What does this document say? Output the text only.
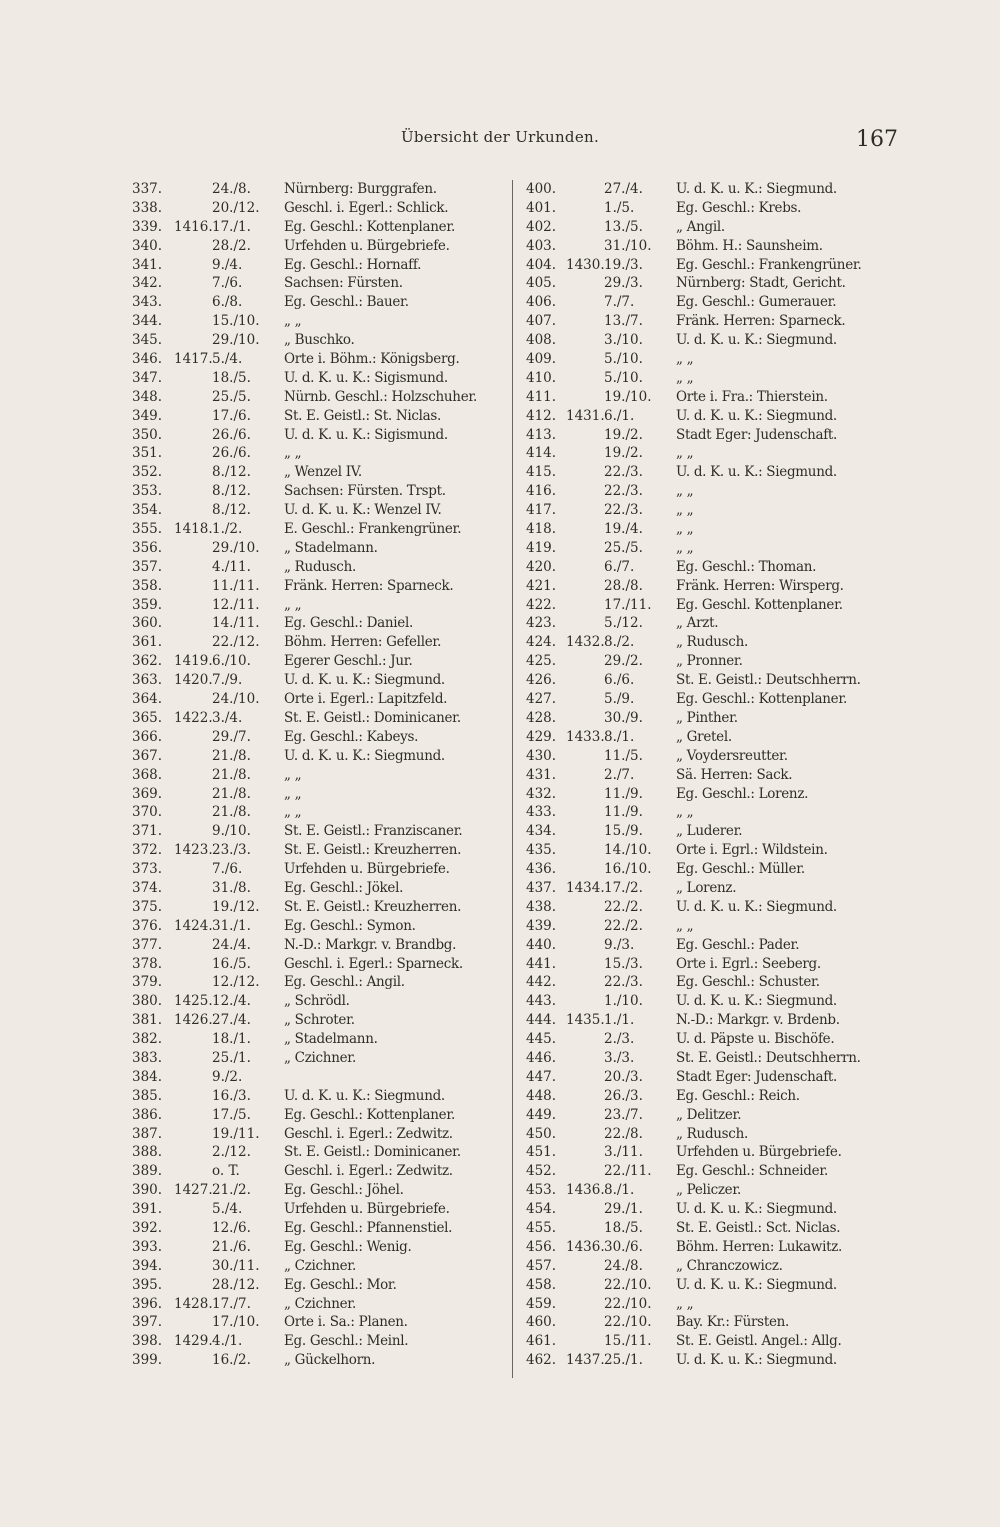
Übersicht der Urkunden.	167
337.	24./8.	Nürnberg: Burggrafen.
338.	20./12.	Geschl. i. Egerl.: Schlick.
339. 1416. 17./1.	Eg. Geschl.: Kottenplaner.
340.	28./2.	Urfehden u. Bürgebriefe.
341.	9./4.	Eg. Geschl.: Hornaff.
342.	7./6.	Sachsen: Fürsten.
343.	6./8.	Eg. Geschl.: Bauer.
344.	15./10.	„ „
345.	29./10.	„ Buschko.
346. 1417. 5./4.	Orte i. Böhm.: Königsberg.
347.	18./5.	U. d. K. u. K.: Sigismund.
348.	25./5.	Nürnb. Geschl.: Holzschuher.
349.	17./6.	St. E. Geistl.: St. Niclas.
350.	26./6.	U. d. K. u. K.: Sigismund.
351.	26./6.	„ „
352.	8./12.	„ Wenzel IV.
353.	8./12.	Sachsen: Fürsten. Trspt.
354.	8./12.	U. d. K. u. K.: Wenzel IV.
355. 1418. 1./2.	E. Geschl.: Frankengrüner.
356.	29./10.	„ Stadelmann.
357.	4./11.	„ Rudusch.
358.	11./11.	Fränk. Herren: Sparneck.
359.	12./11.	„ „
360.	14./11.	Eg. Geschl.: Daniel.
361.	22./12.	Böhm. Herren: Gefeller.
362. 1419. 6./10.	Egerer Geschl.: Jur.
363. 1420. 7./9.	U. d. K. u. K.: Siegmund.
364.	24./10.	Orte i. Egerl.: Lapitzfeld.
365. 1422. 3./4.	St. E. Geistl.: Dominicaner.
366.	29./7.	Eg. Geschl.: Kabeys.
367.	21./8.	U. d. K. u. K.: Siegmund.
368.	21./8.	„ „
369.	21./8.	„ „
370.	21./8.	„ „
371.	9./10.	St. E. Geistl.: Franziscaner.
372. 1423. 23./3.	St. E. Geistl.: Kreuzherren.
373.	7./6.	Urfehden u. Bürgebriefe.
374.	31./8.	Eg. Geschl.: Jökel.
375.	19./12.	St. E. Geistl.: Kreuzherren.
376. 1424. 31./1.	Eg. Geschl.: Symon.
377.	24./4.	N.-D.: Markgr. v. Brandbg.
378.	16./5.	Geschl. i. Egerl.: Sparneck.
379.	12./12.	Eg. Geschl.: Angil.
380. 1425. 12./4.	„ Schrödl.
381. 1426. 27./4.	„ Schroter.
382.	18./1.	„ Stadelmann.
383.	25./1.	„ Czichner.
384.	9./2.
385.	16./3.	U. d. K. u. K.: Siegmund.
386.	17./5.	Eg. Geschl.: Kottenplaner.
387.	19./11.	Geschl. i. Egerl.: Zedwitz.
388.	2./12.	St. E. Geistl.: Dominicaner.
389.	o. T.	Geschl. i. Egerl.: Zedwitz.
390. 1427. 21./2.	Eg. Geschl.: Jöhel.
391.	5./4.	Urfehden u. Bürgebriefe.
392.	12./6.	Eg. Geschl.: Pfannenstiel.
393.	21./6.	Eg. Geschl.: Wenig.
394.	30./11.	„ Czichner.
395.	28./12.	Eg. Geschl.: Mor.
396. 1428. 17./7.	„ Czichner.
397.	17./10.	Orte i. Sa.: Planen.
398. 1429. 4./1.	Eg. Geschl.: Meinl.
399.	16./2.	„ Gückelhorn.
400.	27./4.	U. d. K. u. K.: Siegmund.
401.	1./5.	Eg. Geschl.: Krebs.
402.	13./5.	„ Angil.
403.	31./10.	Böhm. H.: Saunsheim.
404. 1430. 19./3.	Eg. Geschl.: Frankengrüner.
405.	29./3.	Nürnberg: Stadt, Gericht.
406.	7./7.	Eg. Geschl.: Gumerauer.
407.	13./7.	Fränk. Herren: Sparneck.
408.	3./10.	U. d. K. u. K.: Siegmund.
409.	5./10.	„ „
410.	5./10.	„ „
411.	19./10.	Orte i. Fra.: Thierstein.
412. 1431. 6./1.	U. d. K. u. K.: Siegmund.
413.	19./2.	Stadt Eger: Judenschaft.
414.	19./2.	„ „
415.	22./3.	U. d. K. u. K.: Siegmund.
416.	22./3.	„ „
417.	22./3.	„ „
418.	19./4.	„ „
419.	25./5.	„ „
420.	6./7.	Eg. Geschl.: Thoman.
421.	28./8.	Fränk. Herren: Wirsperg.
422.	17./11.	Eg. Geschl. Kottenplaner.
423.	5./12.	„ Arzt.
424. 1432. 8./2.	„ Rudusch.
425.	29./2.	„ Pronner.
426.	6./6.	St. E. Geistl.: Deutschherrn.
427.	5./9.	Eg. Geschl.: Kottenplaner.
428.	30./9.	„ Pinther.
429. 1433. 8./1.	„ Gretel.
430.	11./5.	„ Voydersreutter.
431.	2./7.	Sä. Herren: Sack.
432.	11./9.	Eg. Geschl.: Lorenz.
433.	11./9.	„ „
434.	15./9.	„ Luderer.
435.	14./10.	Orte i. Egrl.: Wildstein.
436.	16./10.	Eg. Geschl.: Müller.
437. 1434. 17./2.	„ Lorenz.
438.	22./2.	U. d. K. u. K.: Siegmund.
439.	22./2.	„ „
440.	9./3.	Eg. Geschl.: Pader.
441.	15./3.	Orte i. Egrl.: Seeberg.
442.	22./3.	Eg. Geschl.: Schuster.
443.	1./10.	U. d. K. u. K.: Siegmund.
444. 1435. 1./1.	N.-D.: Markgr. v. Brdenb.
445.	2./3.	U. d. Päpste u. Bischöfe.
446.	3./3.	St. E. Geistl.: Deutschherrn.
447.	20./3.	Stadt Eger: Judenschaft.
448.	26./3.	Eg. Geschl.: Reich.
449.	23./7.	„ Delitzer.
450.	22./8.	„ Rudusch.
451.	3./11.	Urfehden u. Bürgebriefe.
452.	22./11.	Eg. Geschl.: Schneider.
453. 1436. 8./1.	„ Peliczer.
454.	29./1.	U. d. K. u. K.: Siegmund.
455.	18./5.	St. E. Geistl.: Sct. Niclas.
456. 1436. 30./6.	Böhm. Herren: Lukawitz.
457.	24./8.	„ Chranczowicz.
458.	22./10.	U. d. K. u. K.: Siegmund.
459.	22./10.	„ „
460.	22./10.	Bay. Kr.: Fürsten.
461.	15./11.	St. E. Geistl. Angel.: Allg.
462. 1437. 25./1.	U. d. K. u. K.: Siegmund.
